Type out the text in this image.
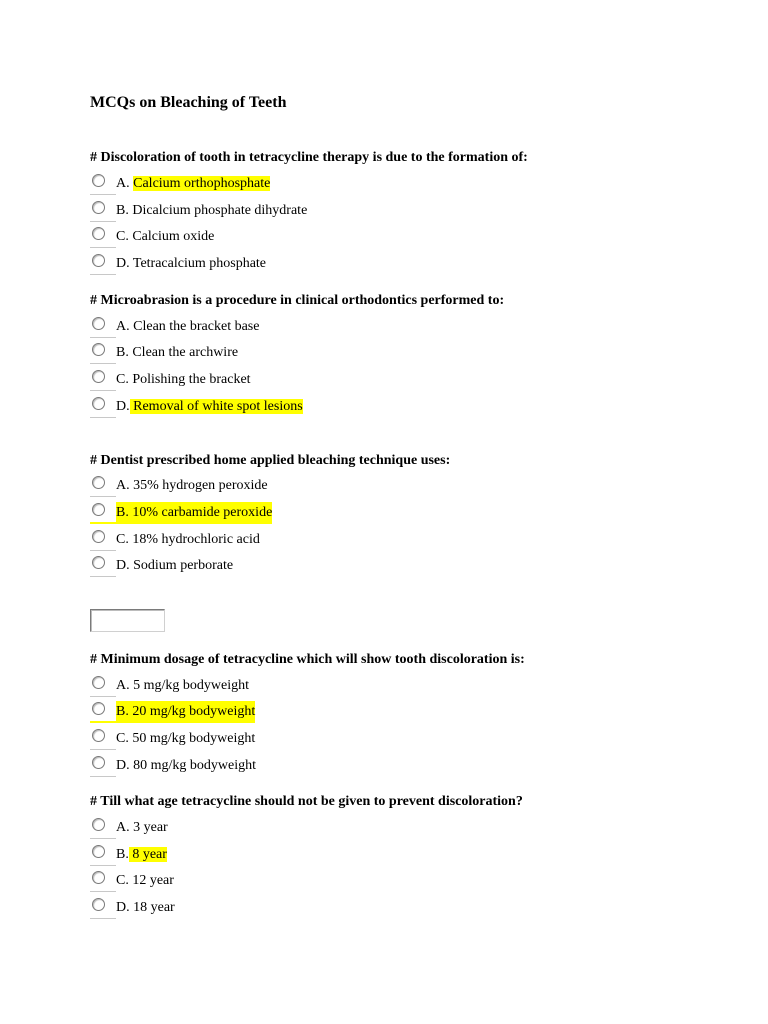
MCQs on Bleaching of Teeth
# Discoloration of tooth in tetracycline therapy is due to the formation of:
A. Calcium orthophosphate
B. Dicalcium phosphate dihydrate
C. Calcium oxide
D. Tetracalcium phosphate
# Microabrasion is a procedure in clinical orthodontics performed to:
A. Clean the bracket base
B. Clean the archwire
C. Polishing the bracket
D. Removal of white spot lesions
# Dentist prescribed home applied bleaching technique uses:
A. 35% hydrogen peroxide
B. 10% carbamide peroxide
C. 18% hydrochloric acid
D. Sodium perborate
# Minimum dosage of tetracycline which will show tooth discoloration is:
A. 5 mg/kg bodyweight
B. 20 mg/kg bodyweight
C. 50 mg/kg bodyweight
D. 80 mg/kg bodyweight
# Till what age tetracycline should not be given to prevent discoloration?
A. 3 year
B. 8 year
C. 12 year
D. 18 year
